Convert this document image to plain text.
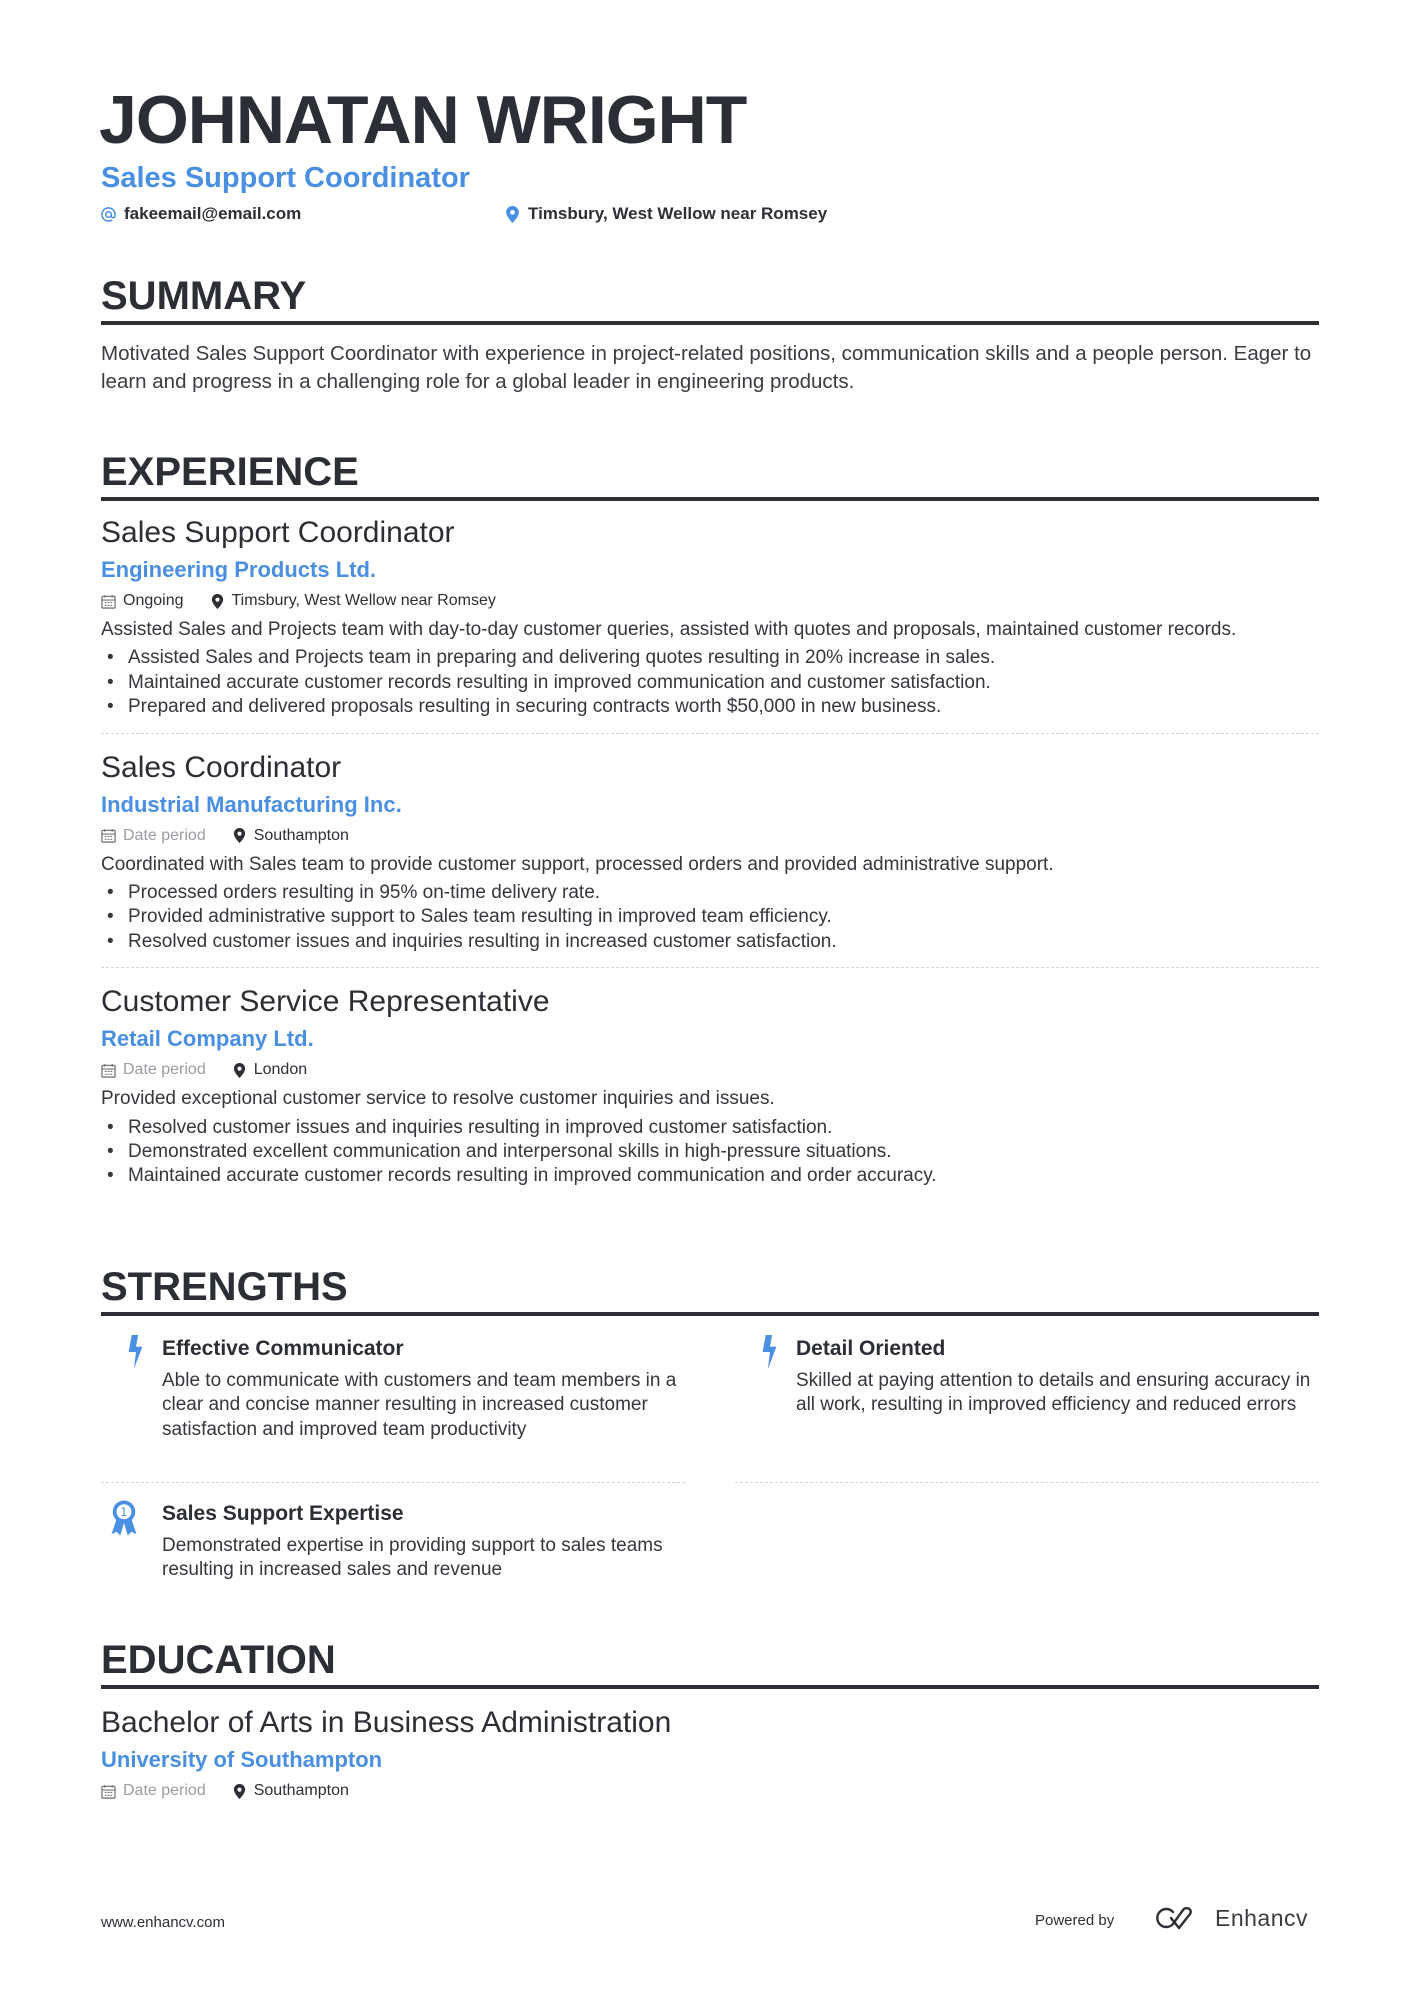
JOHNATAN WRIGHT
Sales Support Coordinator
fakeemail@email.com	Timsbury, West Wellow near Romsey
SUMMARY
Motivated Sales Support Coordinator with experience in project-related positions, communication skills and a people person. Eager to learn and progress in a challenging role for a global leader in engineering products.
EXPERIENCE
Sales Support Coordinator
Engineering Products Ltd.
Ongoing	Timsbury, West Wellow near Romsey
Assisted Sales and Projects team with day-to-day customer queries, assisted with quotes and proposals, maintained customer records.
• Assisted Sales and Projects team in preparing and delivering quotes resulting in 20% increase in sales.
• Maintained accurate customer records resulting in improved communication and customer satisfaction.
• Prepared and delivered proposals resulting in securing contracts worth $50,000 in new business.
Sales Coordinator
Industrial Manufacturing Inc.
Date period	Southampton
Coordinated with Sales team to provide customer support, processed orders and provided administrative support.
• Processed orders resulting in 95% on-time delivery rate.
• Provided administrative support to Sales team resulting in improved team efficiency.
• Resolved customer issues and inquiries resulting in increased customer satisfaction.
Customer Service Representative
Retail Company Ltd.
Date period	London
Provided exceptional customer service to resolve customer inquiries and issues.
• Resolved customer issues and inquiries resulting in improved customer satisfaction.
• Demonstrated excellent communication and interpersonal skills in high-pressure situations.
• Maintained accurate customer records resulting in improved communication and order accuracy.
STRENGTHS
Effective Communicator
Able to communicate with customers and team members in a clear and concise manner resulting in increased customer satisfaction and improved team productivity
Detail Oriented
Skilled at paying attention to details and ensuring accuracy in all work, resulting in improved efficiency and reduced errors
1 Sales Support Expertise
Demonstrated expertise in providing support to sales teams resulting in increased sales and revenue
EDUCATION
Bachelor of Arts in Business Administration
University of Southampton
Date period	Southampton
www.enhancv.com	Powered by	Enhancv
